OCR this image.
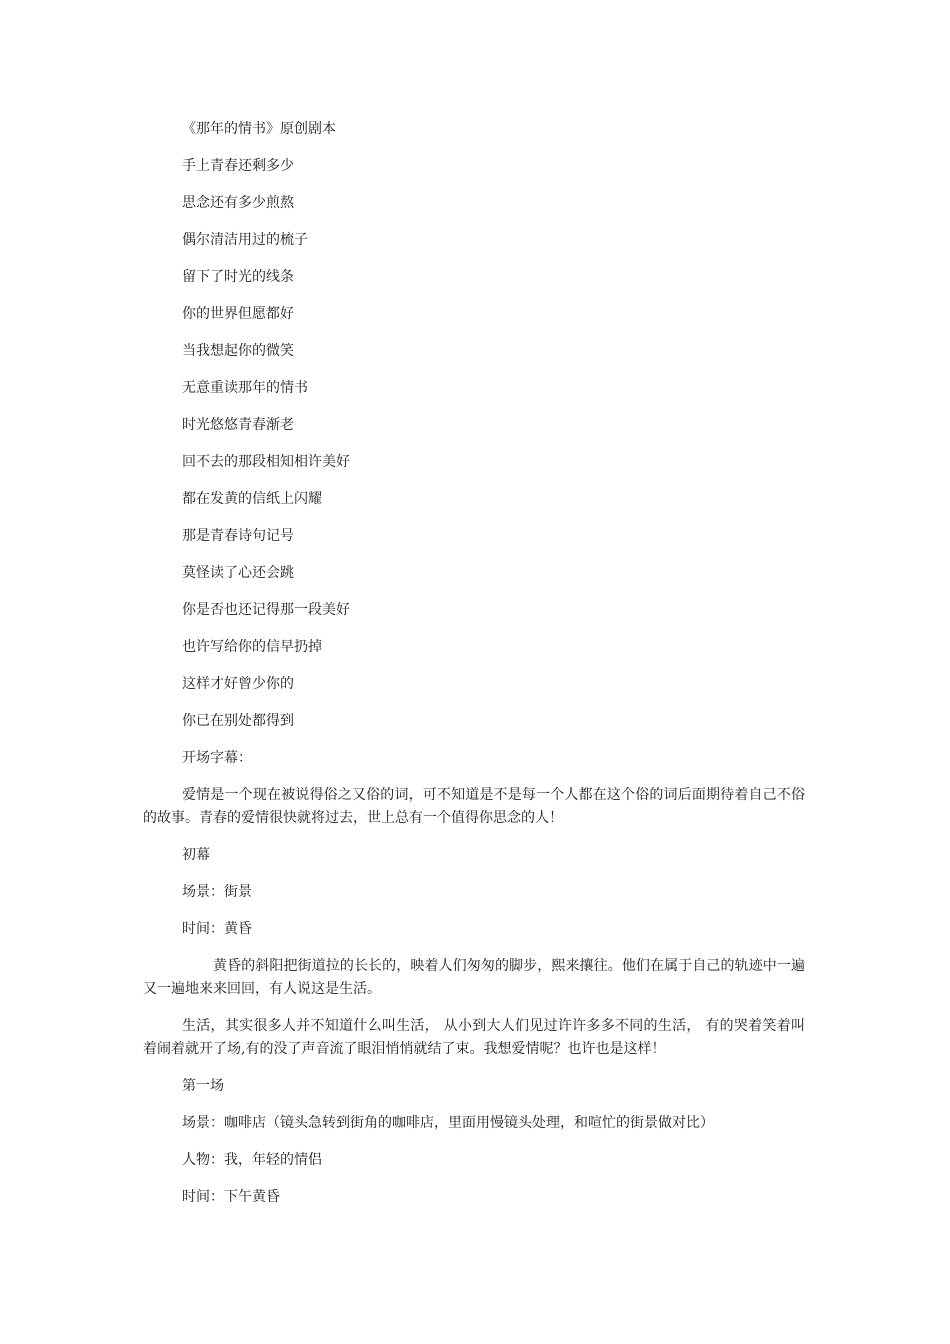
《那年的情书》原创剧本

手上青春还剩多少

思念还有多少煎熬

偶尔清洁用过的梳子

留下了时光的线条

你的世界但愿都好

当我想起你的微笑

无意重读那年的情书

时光悠悠青春渐老

回不去的那段相知相许美好

都在发黄的信纸上闪耀

那是青春诗句记号

莫怪读了心还会跳

你是否也还记得那一段美好

也许写给你的信早扔掉

这样才好曾少你的

你已在别处都得到

开场字幕：

爱情是一个现在被说得俗之又俗的词，可不知道是不是每一个人都在这个俗的词后面期待着自己不俗的故事。青春的爱情很快就将过去，世上总有一个值得你思念的人！

初幕

场景：街景

时间：黄昏

黄昏的斜阳把街道拉的长长的，映着人们匆匆的脚步，熙来攘往。他们在属于自己的轨迹中一遍又一遍地来来回回，有人说这是生活。

生活，其实很多人并不知道什么叫生活， 从小到大人们见过许许多多不同的生活， 有的哭着笑着叫着闹着就开了场,有的没了声音流了眼泪悄悄就结了束。我想爱情呢？也许也是这样！

第一场

场景：咖啡店（镜头急转到街角的咖啡店，里面用慢镜头处理，和喧忙的街景做对比）

人物：我，年轻的情侣

时间：下午黄昏
